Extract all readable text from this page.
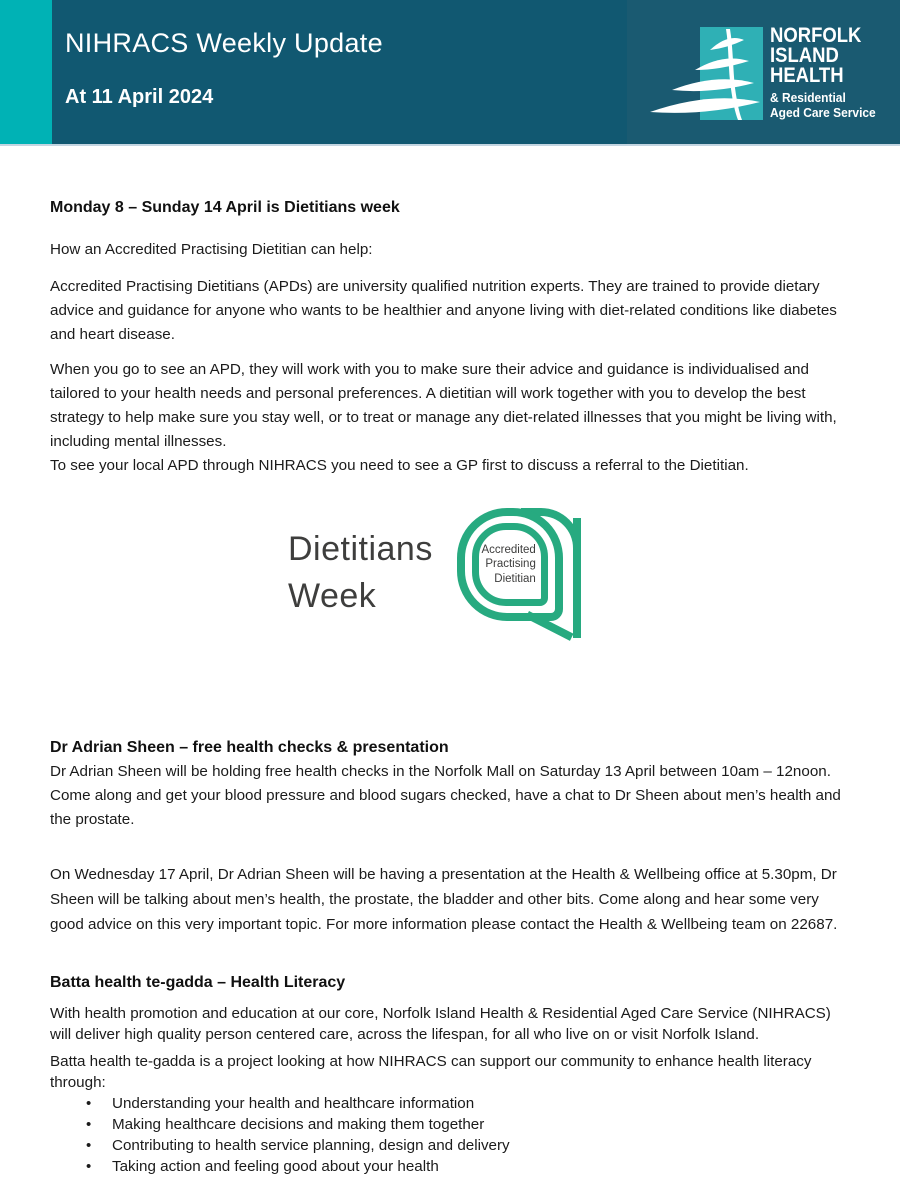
NIHRACS Weekly Update
At 11 April 2024
NORFOLK
ISLAND
HEALTH
& Residential
Aged Care Service
Monday 8 – Sunday 14 April is Dietitians week

How an Accredited Practising Dietitian can help:

Accredited Practising Dietitians (APDs) are university qualified nutrition experts. They are trained to provide dietary advice and guidance for anyone who wants to be healthier and anyone living with diet-related conditions like diabetes and heart disease.

When you go to see an APD, they will work with you to make sure their advice and guidance is individualised and tailored to your health needs and personal preferences. A dietitian will work together with you to develop the best strategy to help make sure you stay well, or to treat or manage any diet-related illnesses that you might be living with, including mental illnesses.

To see your local APD through NIHRACS you need to see a GP first to discuss a referral to the Dietitian.

Dietitians
Week
Accredited
Practising
Dietitian
Dr Adrian Sheen – free health checks & presentation

Dr Adrian Sheen will be holding free health checks in the Norfolk Mall on Saturday 13 April between 10am – 12noon. Come along and get your blood pressure and blood sugars checked, have a chat to Dr Sheen about men’s health and the prostate.

On Wednesday 17 April, Dr Adrian Sheen will be having a presentation at the Health & Wellbeing office at 5.30pm, Dr Sheen will be talking about men’s health, the prostate, the bladder and other bits. Come along and hear some very good advice on this very important topic. For more information please contact the Health & Wellbeing team on 22687.

Batta health te-gadda – Health Literacy

With health promotion and education at our core, Norfolk Island Health & Residential Aged Care Service (NIHRACS) will deliver high quality person centered care, across the lifespan, for all who live on or visit Norfolk Island.

Batta health te-gadda is a project looking at how NIHRACS can support our community to enhance health literacy through:

• Understanding your health and healthcare information
• Making healthcare decisions and making them together
• Contributing to health service planning, design and delivery
• Taking action and feeling good about your health
